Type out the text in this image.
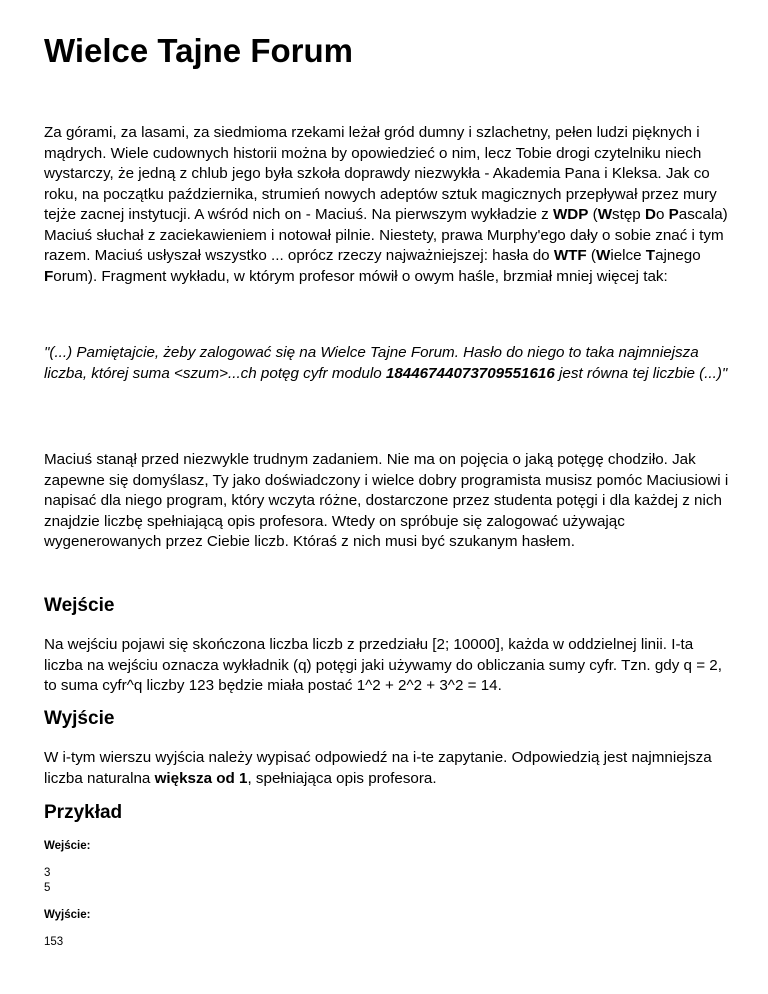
Wielce Tajne Forum

Za górami, za lasami, za siedmioma rzekami leżał gród dumny i szlachetny, pełen ludzi pięknych i mądrych. Wiele cudownych historii można by opowiedzieć o nim, lecz Tobie drogi czytelniku niech wystarczy, że jedną z chlub jego była szkoła doprawdy niezwykła - Akademia Pana i Kleksa. Jak co roku, na początku października, strumień nowych adeptów sztuk magicznych przepływał przez mury tejże zacnej instytucji. A wśród nich on - Maciuś. Na pierwszym wykładzie z WDP (Wstęp Do Pascala) Maciuś słuchał z zaciekawieniem i notował pilnie. Niestety, prawa Murphy'ego dały o sobie znać i tym razem. Maciuś usłyszał wszystko ... oprócz rzeczy najważniejszej: hasła do WTF (Wielce Tajnego Forum). Fragment wykładu, w którym profesor mówił o owym haśle, brzmiał mniej więcej tak:

"(...) Pamiętajcie, żeby zalogować się na Wielce Tajne Forum. Hasło do niego to taka najmniejsza liczba, której suma <szum>...ch potęg cyfr modulo 18446744073709551616 jest równa tej liczbie (...)"

Maciuś stanął przed niezwykle trudnym zadaniem. Nie ma on pojęcia o jaką potęgę chodziło. Jak zapewne się domyślasz, Ty jako doświadczony i wielce dobry programista musisz pomóc Maciusiowi i napisać dla niego program, który wczyta różne, dostarczone przez studenta potęgi i dla każdej z nich znajdzie liczbę spełniającą opis profesora. Wtedy on spróbuje się zalogować używając wygenerowanych przez Ciebie liczb. Któraś z nich musi być szukanym hasłem.

Wejście

Na wejściu pojawi się skończona liczba liczb z przedziału [2; 10000], każda w oddzielnej linii. I-ta liczba na wejściu oznacza wykładnik (q) potęgi jaki używamy do obliczania sumy cyfr. Tzn. gdy q = 2, to suma cyfr^q liczby 123 będzie miała postać 1^2 + 2^2 + 3^2 = 14.

Wyjście

W i-tym wierszu wyjścia należy wypisać odpowiedź na i-te zapytanie. Odpowiedzią jest najmniejsza liczba naturalna większa od 1, spełniająca opis profesora.

Przykład

Wejście:

3

5

Wyjście:

153
